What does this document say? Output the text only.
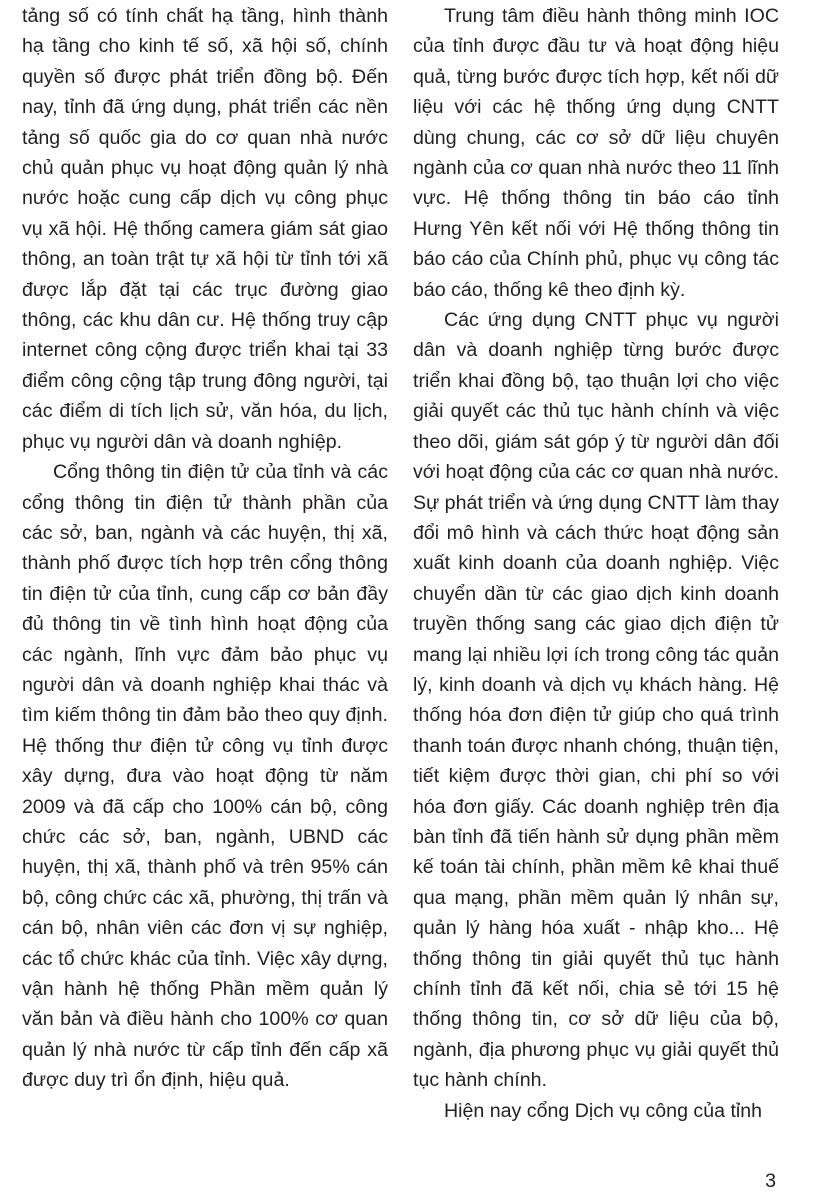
tảng số có tính chất hạ tầng, hình thành hạ tầng cho kinh tế số, xã hội số, chính quyền số được phát triển đồng bộ. Đến nay, tỉnh đã ứng dụng, phát triển các nền tảng số quốc gia do cơ quan nhà nước chủ quản phục vụ hoạt động quản lý nhà nước hoặc cung cấp dịch vụ công phục vụ xã hội. Hệ thống camera giám sát giao thông, an toàn trật tự xã hội từ tỉnh tới xã được lắp đặt tại các trục đường giao thông, các khu dân cư. Hệ thống truy cập internet công cộng được triển khai tại 33 điểm công cộng tập trung đông người, tại các điểm di tích lịch sử, văn hóa, du lịch, phục vụ người dân và doanh nghiệp.

Cổng thông tin điện tử của tỉnh và các cổng thông tin điện tử thành phần của các sở, ban, ngành và các huyện, thị xã, thành phố được tích hợp trên cổng thông tin điện tử của tỉnh, cung cấp cơ bản đầy đủ thông tin về tình hình hoạt động của các ngành, lĩnh vực đảm bảo phục vụ người dân và doanh nghiệp khai thác và tìm kiếm thông tin đảm bảo theo quy định. Hệ thống thư điện tử công vụ tỉnh được xây dựng, đưa vào hoạt động từ năm 2009 và đã cấp cho 100% cán bộ, công chức các sở, ban, ngành, UBND các huyện, thị xã, thành phố và trên 95% cán bộ, công chức các xã, phường, thị trấn và cán bộ, nhân viên các đơn vị sự nghiệp, các tổ chức khác của tỉnh. Việc xây dựng, vận hành hệ thống Phần mềm quản lý văn bản và điều hành cho 100% cơ quan quản lý nhà nước từ cấp tỉnh đến cấp xã được duy trì ổn định, hiệu quả.

Trung tâm điều hành thông minh IOC của tỉnh được đầu tư và hoạt động hiệu quả, từng bước được tích hợp, kết nối dữ liệu với các hệ thống ứng dụng CNTT dùng chung, các cơ sở dữ liệu chuyên ngành của cơ quan nhà nước theo 11 lĩnh vực. Hệ thống thông tin báo cáo tỉnh Hưng Yên kết nối với Hệ thống thông tin báo cáo của Chính phủ, phục vụ công tác báo cáo, thống kê theo định kỳ.

Các ứng dụng CNTT phục vụ người dân và doanh nghiệp từng bước được triển khai đồng bộ, tạo thuận lợi cho việc giải quyết các thủ tục hành chính và việc theo dõi, giám sát góp ý từ người dân đối với hoạt động của các cơ quan nhà nước. Sự phát triển và ứng dụng CNTT làm thay đổi mô hình và cách thức hoạt động sản xuất kinh doanh của doanh nghiệp. Việc chuyển dần từ các giao dịch kinh doanh truyền thống sang các giao dịch điện tử mang lại nhiều lợi ích trong công tác quản lý, kinh doanh và dịch vụ khách hàng. Hệ thống hóa đơn điện tử giúp cho quá trình thanh toán được nhanh chóng, thuận tiện, tiết kiệm được thời gian, chi phí so với hóa đơn giấy. Các doanh nghiệp trên địa bàn tỉnh đã tiến hành sử dụng phần mềm kế toán tài chính, phần mềm kê khai thuế qua mạng, phần mềm quản lý nhân sự, quản lý hàng hóa xuất - nhập kho... Hệ thống thông tin giải quyết thủ tục hành chính tỉnh đã kết nối, chia sẻ tới 15 hệ thống thông tin, cơ sở dữ liệu của bộ, ngành, địa phương phục vụ giải quyết thủ tục hành chính.

Hiện nay cổng Dịch vụ công của tỉnh

3
